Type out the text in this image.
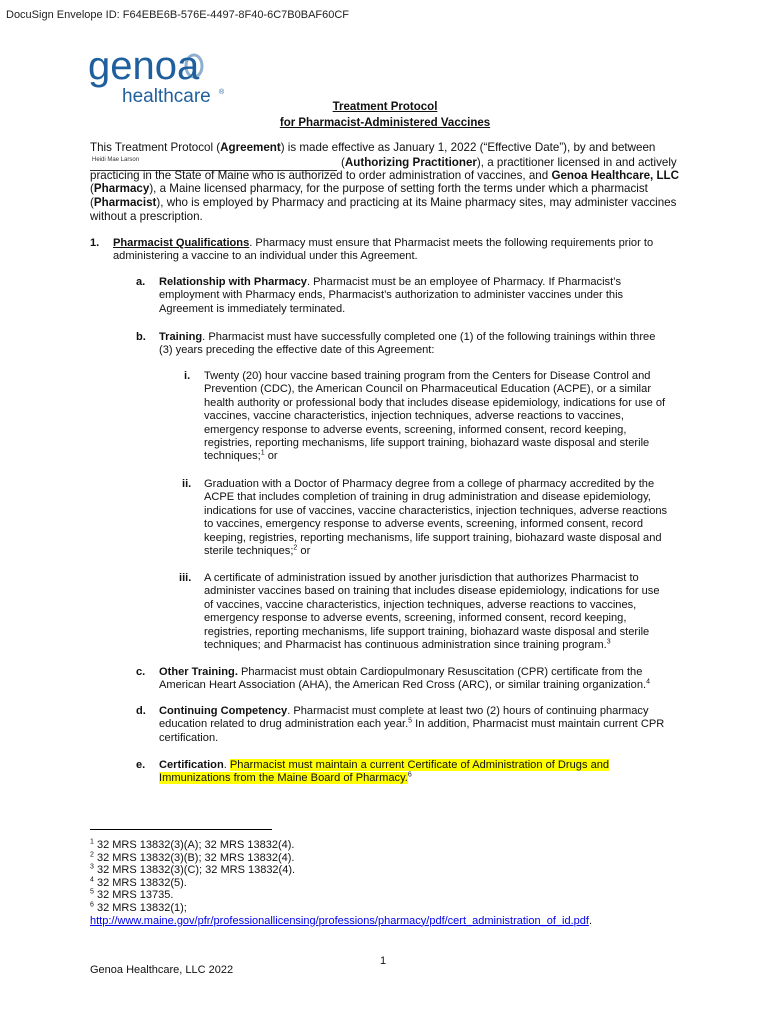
DocuSign Envelope ID: F64EBE6B-576E-4497-8F40-6C7B0BAF60CF
genoa
healthcare ®
Treatment Protocol
for Pharmacist-Administered Vaccines
This Treatment Protocol (Agreement) is made effective as January 1, 2022 (“Effective Date”), by and between
Heidi Mae Larson	(Authorizing Practitioner), a practitioner licensed in and actively
practicing in the State of Maine who is authorized to order administration of vaccines, and Genoa Healthcare, LLC
(Pharmacy), a Maine licensed pharmacy, for the purpose of setting forth the terms under which a pharmacist
(Pharmacist), who is employed by Pharmacy and practicing at its Maine pharmacy sites, may administer vaccines
without a prescription.
1. Pharmacist Qualifications. Pharmacy must ensure that Pharmacist meets the following requirements prior to
administering a vaccine to an individual under this Agreement.
a. Relationship with Pharmacy. Pharmacist must be an employee of Pharmacy. If Pharmacist’s
employment with Pharmacy ends, Pharmacist’s authorization to administer vaccines under this
Agreement is immediately terminated.
b. Training. Pharmacist must have successfully completed one (1) of the following trainings within three
(3) years preceding the effective date of this Agreement:
i. Twenty (20) hour vaccine based training program from the Centers for Disease Control and
Prevention (CDC), the American Council on Pharmaceutical Education (ACPE), or a similar
health authority or professional body that includes disease epidemiology, indications for use of
vaccines, vaccine characteristics, injection techniques, adverse reactions to vaccines,
emergency response to adverse events, screening, informed consent, record keeping,
registries, reporting mechanisms, life support training, biohazard waste disposal and sterile
techniques;$^1$ or
ii. Graduation with a Doctor of Pharmacy degree from a college of pharmacy accredited by the
ACPE that includes completion of training in drug administration and disease epidemiology,
indications for use of vaccines, vaccine characteristics, injection techniques, adverse reactions
to vaccines, emergency response to adverse events, screening, informed consent, record
keeping, registries, reporting mechanisms, life support training, biohazard waste disposal and
sterile techniques;$^2$ or
iii. A certificate of administration issued by another jurisdiction that authorizes Pharmacist to
administer vaccines based on training that includes disease epidemiology, indications for use
of vaccines, vaccine characteristics, injection techniques, adverse reactions to vaccines,
emergency response to adverse events, screening, informed consent, record keeping,
registries, reporting mechanisms, life support training, biohazard waste disposal and sterile
techniques; and Pharmacist has continuous administration since training program.$^3$
c. Other Training. Pharmacist must obtain Cardiopulmonary Resuscitation (CPR) certificate from the
American Heart Association (AHA), the American Red Cross (ARC), or similar training organization.$^4$
d. Continuing Competency. Pharmacist must complete at least two (2) hours of continuing pharmacy
education related to drug administration each year.$^5$ In addition, Pharmacist must maintain current CPR
certification.
e. Certification. Pharmacist must maintain a current Certificate of Administration of Drugs and
Immunizations from the Maine Board of Pharmacy.$^6$
$^1$ 32 MRS 13832(3)(A); 32 MRS 13832(4).
$^2$ 32 MRS 13832(3)(B); 32 MRS 13832(4).
$^3$ 32 MRS 13832(3)(C); 32 MRS 13832(4).
$^4$ 32 MRS 13832(5).
$^5$ 32 MRS 13735.
$^6$ 32 MRS 13832(1);
http://www.maine.gov/pfr/professionallicensing/professions/pharmacy/pdf/cert_administration_of_id.pdf.
1
Genoa Healthcare, LLC 2022
